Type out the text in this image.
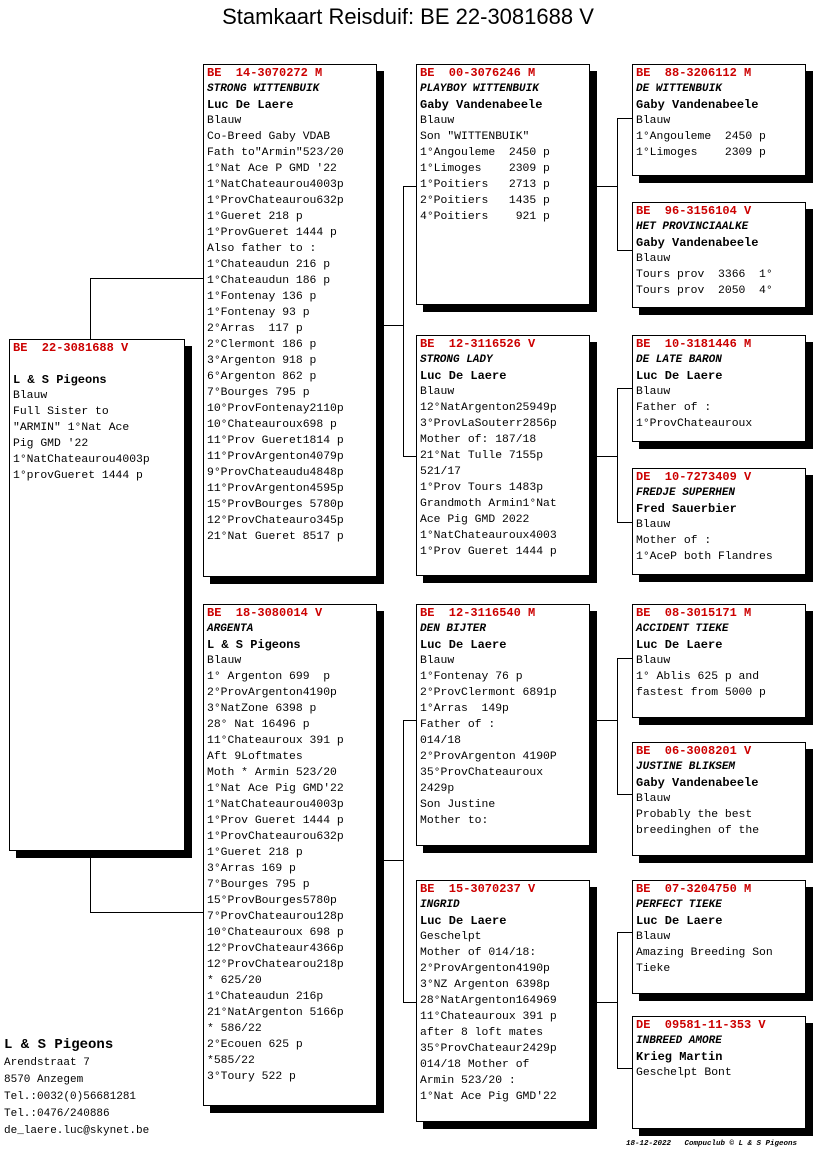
Stamkaart Reisduif: BE 22-3081688 V
BE  22-3081688 V
L & S Pigeons
Blauw
Full Sister to
"ARMIN" 1°Nat Ace
Pig GMD '22
1°NatChateaurou4003p
1°provGueret 1444 p
BE  14-3070272 M
STRONG WITTENBUIK
Luc De Laere
Blauw
Co-Breed Gaby VDAB
Fath to"Armin"523/20
1°Nat Ace P GMD '22
1°NatChateaurou4003p
1°ProvChateaurou632p
1°Gueret 218 p
1°ProvGueret 1444 p
Also father to :
1°Chateaudun 216 p
1°Chateaudun 186 p
1°Fontenay 136 p
1°Fontenay 93 p
2°Arras  117 p
2°Clermont 186 p
3°Argenton 918 p
6°Argenton 862 p
7°Bourges 795 p
10°ProvFontenay2110p
10°Chateauroux698 p
11°Prov Gueret1814 p
11°ProvArgenton4079p
9°ProvChateaudu4848p
11°ProvArgenton4595p
15°ProvBourges 5780p
12°ProvChateauro345p
21°Nat Gueret 8517 p
BE  18-3080014 V
ARGENTA
L & S Pigeons
Blauw
1° Argenton 699  p
2°ProvArgenton4190p
3°NatZone 6398 p
28° Nat 16496 p
11°Chateauroux 391 p
Aft 9Loftmates
Moth * Armin 523/20
1°Nat Ace Pig GMD'22
1°NatChateaurou4003p
1°Prov Gueret 1444 p
1°ProvChateaurou632p
1°Gueret 218 p
3°Arras 169 p
7°Bourges 795 p
15°ProvBourges5780p
7°ProvChateaurou128p
10°Chateauroux 698 p
12°ProvChateaur4366p
12°ProvChatearou218p
* 625/20
1°Chateaudun 216p
21°NatArgenton 5166p
* 586/22
2°Ecouen 625 p
*585/22
3°Toury 522 p
BE  00-3076246 M
PLAYBOY WITTENBUIK
Gaby Vandenabeele
Blauw
Son "WITTENBUIK"
1°Angouleme  2450 p
1°Limoges    2309 p
1°Poitiers   2713 p
2°Poitiers   1435 p
4°Poitiers    921 p
BE  12-3116526 V
STRONG LADY
Luc De Laere
Blauw
12°NatArgenton25949p
3°ProvLaSouterr2856p
Mother of: 187/18
21°Nat Tulle 7155p
521/17
1°Prov Tours 1483p
Grandmoth Armin1°Nat
Ace Pig GMD 2022
1°NatChateauroux4003
1°Prov Gueret 1444 p
BE  12-3116540 M
DEN BIJTER
Luc De Laere
Blauw
1°Fontenay 76 p
2°ProvClermont 6891p
1°Arras  149p
Father of :
014/18
2°ProvArgenton 4190P
35°ProvChateauroux
2429p
Son Justine
Mother to:
BE  15-3070237 V
INGRID
Luc De Laere
Geschelpt
Mother of 014/18:
2°ProvArgenton4190p
3°NZ Argenton 6398p
28°NatArgenton164969
11°Chateauroux 391 p
after 8 loft mates
35°ProvChateaur2429p
014/18 Mother of
Armin 523/20 :
1°Nat Ace Pig GMD'22
BE  88-3206112 M
DE WITTENBUIK
Gaby Vandenabeele
Blauw
1°Angouleme  2450 p
1°Limoges    2309 p
BE  96-3156104 V
HET PROVINCIAALKE
Gaby Vandenabeele
Blauw
Tours prov  3366  1°
Tours prov  2050  4°
BE  10-3181446 M
DE LATE BARON
Luc De Laere
Blauw
Father of :
1°ProvChateauroux
DE  10-7273409 V
FREDJE SUPERHEN
Fred Sauerbier
Blauw
Mother of :
1°AceP both Flandres
BE  08-3015171 M
ACCIDENT TIEKE
Luc De Laere
Blauw
1° Ablis 625 p and
fastest from 5000 p
BE  06-3008201 V
JUSTINE BLIKSEM
Gaby Vandenabeele
Blauw
Probably the best
breedinghen of the
BE  07-3204750 M
PERFECT TIEKE
Luc De Laere
Blauw
Amazing Breeding Son
Tieke
DE  09581-11-353 V
INBREED AMORE
Krieg Martin
Geschelpt Bont
L & S Pigeons
Arendstraat 7
8570 Anzegem
Tel.:0032(0)56681281
Tel.:0476/240886
de_laere.luc@skynet.be
18-12-2022   Compuclub © L & S Pigeons
